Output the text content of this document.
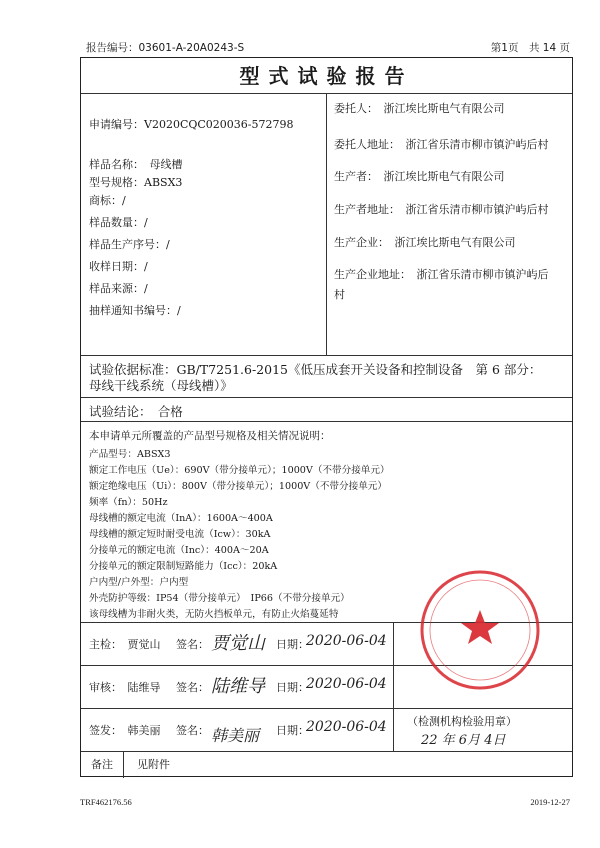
报告编号：03601-A-20A0243-S	第1页　共 14 页
型式试验报告
申请编号：V2020CQC020036-572798
样品名称：　母线槽
型号规格：ABSX3
商标：/
样品数量：/
样品生产序号：/
收样日期：/
样品来源：/
抽样通知书编号：/
委托人：　浙江埃比斯电气有限公司
委托人地址：　浙江省乐清市柳市镇沪屿后村
生产者：　浙江埃比斯电气有限公司
生产者地址：　浙江省乐清市柳市镇沪屿后村
生产企业：　浙江埃比斯电气有限公司
生产企业地址：　浙江省乐清市柳市镇沪屿后
村
试验依据标准：GB/T7251.6-2015《低压成套开关设备和控制设备　第 6 部分：
母线干线系统（母线槽）》
试验结论：　合格
本申请单元所覆盖的产品型号规格及相关情况说明：
产品型号：ABSX3
额定工作电压（Ue）：690V（带分接单元）；1000V（不带分接单元）
额定绝缘电压（Ui）：800V（带分接单元）；1000V（不带分接单元）
频率（fn）：50Hz
母线槽的额定电流（InA）：1600A～400A
母线槽的额定短时耐受电流（Icw）：30kA
分接单元的额定电流（Inc）：400A～20A
分接单元的额定限制短路能力（Icc）：20kA
户内型/户外型：户内型
外壳防护等级：IP54（带分接单元）　IP66（不带分接单元）
该母线槽为非耐火类，无防火挡板单元，有防止火焰蔓延特
主检：　贾觉山 签名： 贾觉山 日期：
2020-06-04
审核：　陆维导 签名： 陆维导 日期：
2020-06-04
签发：　韩美丽 签名： 韩美丽 日期：
2020-06-04 （检测机构检验用章）
22 年 6月 4日
备注 见附件
TRF462176.56	2019-12-27
